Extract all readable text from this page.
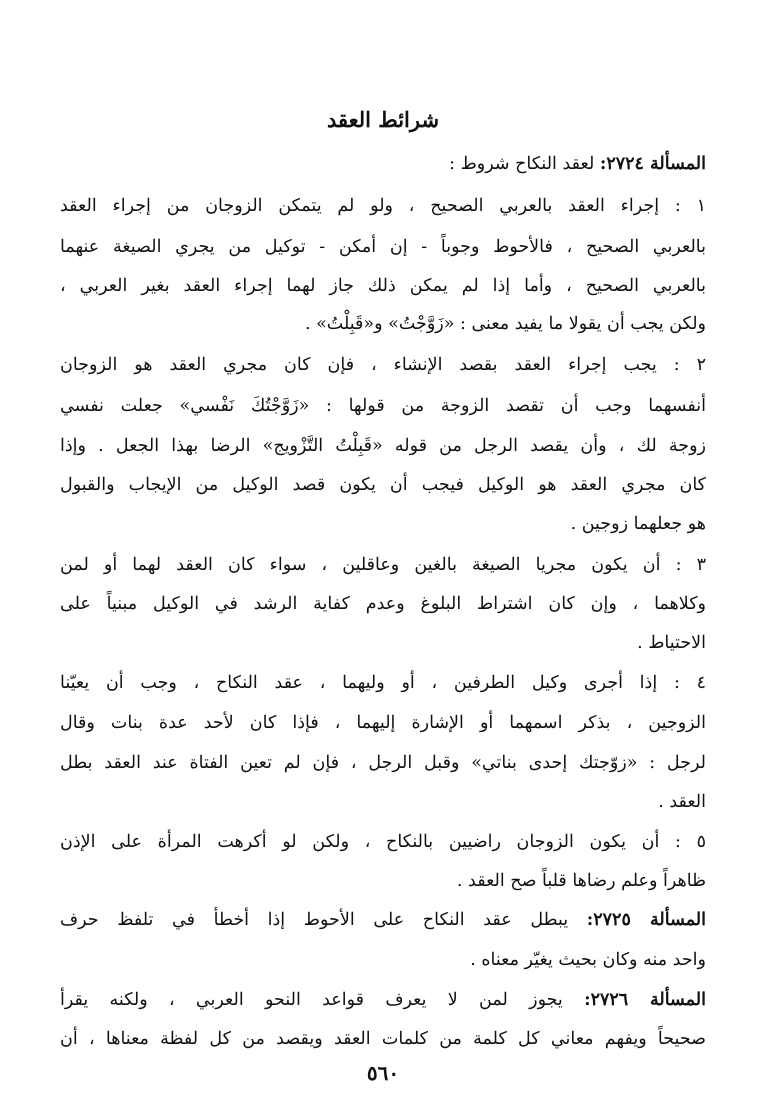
شرائط العقد
المسألة ٢٧٢٤: لعقد النكاح شروط :
١ : إجراء العقد بالعربي الصحيح ، ولو لم يتمكن الزوجان من إجراء العقد
بالعربي الصحيح ، فالأحوط وجوباً - إن أمكن - توكيل من يجري الصيغة عنهما
بالعربي الصحيح ، وأما إذا لم يمكن ذلك جاز لهما إجراء العقد بغير العربي ،
ولكن يجب أن يقولا ما يفيد معنى : «زَوَّجْتُ» و«قَبِلْتُ» .
٢ : يجب إجراء العقد بقصد الإنشاء ، فإن كان مجري العقد هو الزوجان
أنفسهما وجب أن تقصد الزوجة من قولها : «زَوَّجْتُكَ نَفْسي» جعلت نفسي
زوجة لك ، وأن يقصد الرجل من قوله «قَبِلْتُ التَّزْويج» الرضا بهذا الجعل . وإذا
كان مجري العقد هو الوكيل فيجب أن يكون قصد الوكيل من الإيجاب والقبول
هو جعلهما زوجين .
٣ : أن يكون مجريا الصيغة بالغين وعاقلين ، سواء كان العقد لهما أو لمن
وكلاهما ، وإن كان اشتراط البلوغ وعدم كفاية الرشد في الوكيل مبنياً على
الاحتياط .
٤ : إذا أجرى وكيل الطرفين ، أو وليهما ، عقد النكاح ، وجب أن يعيّنا
الزوجين ، بذكر اسمهما أو الإشارة إليهما ، فإذا كان لأحد عدة بنات وقال
لرجل : «زوّجتك إحدى بناتي» وقبل الرجل ، فإن لم تعين الفتاة عند العقد بطل
العقد .
٥ : أن يكون الزوجان راضيين بالنكاح ، ولكن لو أكرهت المرأة على الإذن
ظاهراً وعلم رضاها قلباً صح العقد .
المسألة ٢٧٢٥: يبطل عقد النكاح على الأحوط إذا أخطأ في تلفظ حرف
واحد منه وكان بحيث يغيّر معناه .
المسألة ٢٧٢٦: يجوز لمن لا يعرف قواعد النحو العربي ، ولكنه يقرأ
صحيحاً ويفهم معاني كل كلمة من كلمات العقد ويقصد من كل لفظة معناها ، أن
٥٦٠
